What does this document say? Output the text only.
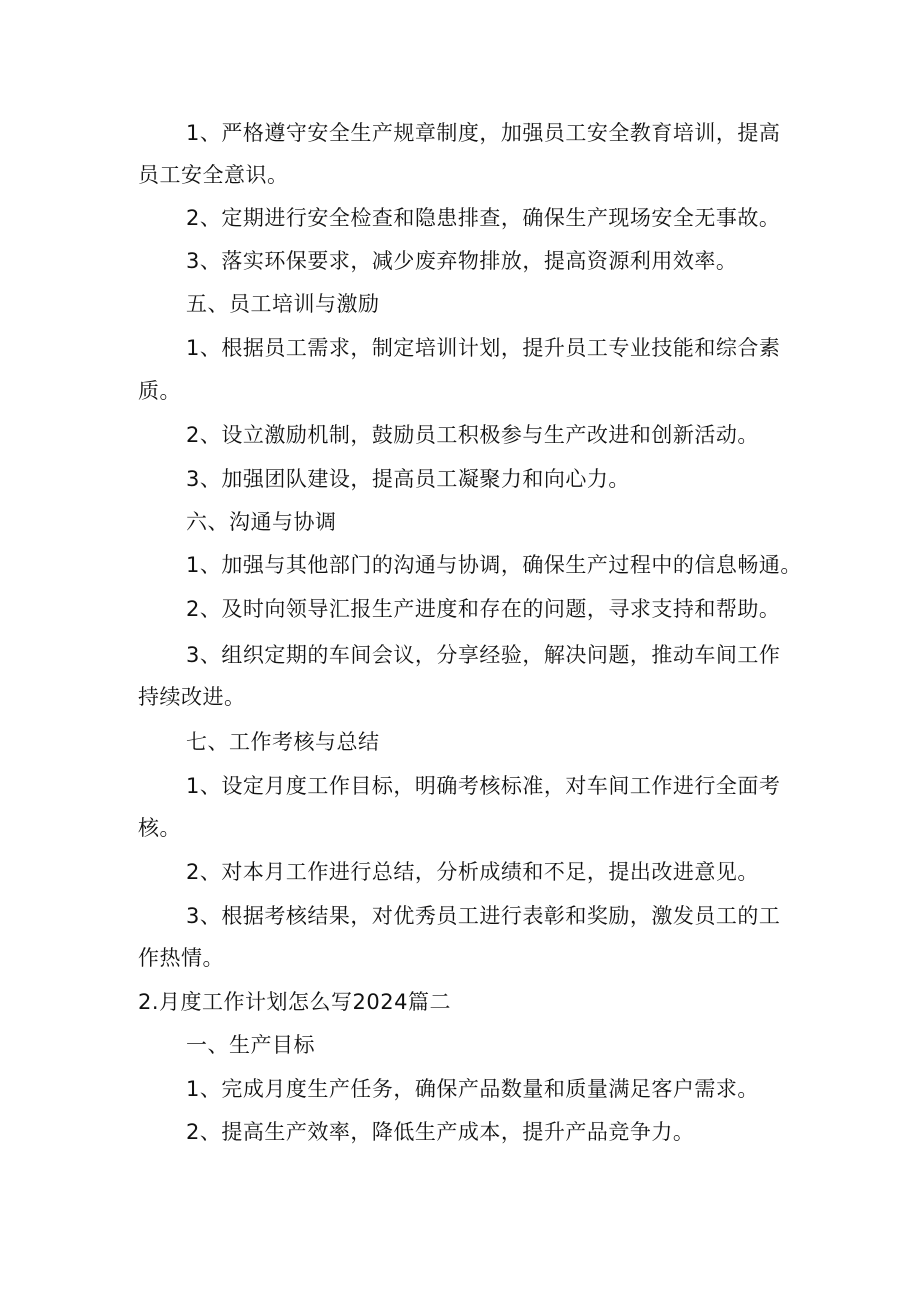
1、严格遵守安全生产规章制度，加强员工安全教育培训，提高
员工安全意识。
2、定期进行安全检查和隐患排查，确保生产现场安全无事故。
3、落实环保要求，减少废弃物排放，提高资源利用效率。
五、员工培训与激励
1、根据员工需求，制定培训计划，提升员工专业技能和综合素
质。
2、设立激励机制，鼓励员工积极参与生产改进和创新活动。
3、加强团队建设，提高员工凝聚力和向心力。
六、沟通与协调
1、加强与其他部门的沟通与协调，确保生产过程中的信息畅通。
2、及时向领导汇报生产进度和存在的问题，寻求支持和帮助。
3、组织定期的车间会议，分享经验，解决问题，推动车间工作
持续改进。
七、工作考核与总结
1、设定月度工作目标，明确考核标准，对车间工作进行全面考
核。
2、对本月工作进行总结，分析成绩和不足，提出改进意见。
3、根据考核结果，对优秀员工进行表彰和奖励，激发员工的工
作热情。
2.月度工作计划怎么写2024篇二
一、生产目标
1、完成月度生产任务，确保产品数量和质量满足客户需求。
2、提高生产效率，降低生产成本，提升产品竞争力。
